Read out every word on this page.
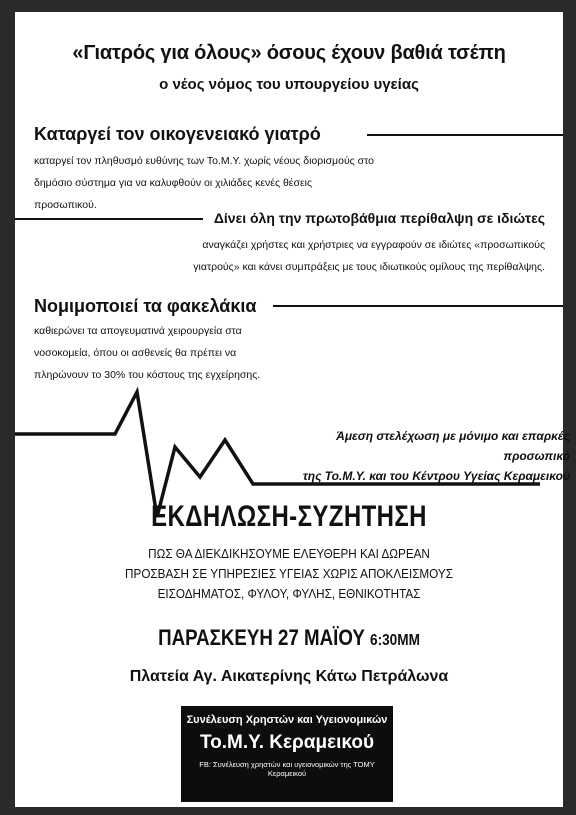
«Γιατρός για όλους» όσους έχουν βαθιά τσέπη
ο νέος νόμος του υπουργείου υγείας
Καταργεί τον οικογενειακό γιατρό
καταργεί τον πληθυσμό ευθύνης των Το.Μ.Υ. χωρίς νέους διορισμούς στο
δημόσιο σύστημα για να καλυφθούν οι χιλιάδες κενές θέσεις προσωπικού.
Δίνει όλη την πρωτοβάθμια περίθαλψη σε ιδιώτες
αναγκάζει χρήστες και χρήστριες να εγγραφούν σε ιδιώτες «προσωπικούς
γιατρούς» και κάνει συμπράξεις με τους ιδιωτικούς ομίλους της περίθαλψης.
Νομιμοποιεί τα φακελάκια
καθιερώνει τα απογευματινά χειρουργεία στα
νοσοκομεία, όπου οι ασθενείς θα πρέπει να
πληρώνουν το 30% του κόστους της εγχείρησης.
Άμεση στελέχωση με μόνιμο και επαρκές προσωπικό
της Το.Μ.Υ. και του Κέντρου Υγείας Κεραμεικού
ΕΚΔΗΛΩΣΗ-ΣΥΖΗΤΗΣΗ
ΠΩΣ ΘΑ ΔΙΕΚΔΙΚΗΣΟΥΜΕ ΕΛΕΥΘΕΡΗ ΚΑΙ ΔΩΡΕΑΝ
ΠΡΟΣΒΑΣΗ ΣΕ ΥΠΗΡΕΣΙΕΣ ΥΓΕΙΑΣ ΧΩΡΙΣ ΑΠΟΚΛΕΙΣΜΟΥΣ
ΕΙΣΟΔΗΜΑΤΟΣ, ΦΥΛΟΥ, ΦΥΛΗΣ, ΕΘΝΙΚΟΤΗΤΑΣ
ΠΑΡΑΣΚΕΥΗ 27 ΜΑΪΟΥ 6:30ΜΜ
Πλατεία Αγ. Αικατερίνης Κάτω Πετράλωνα
Συνέλευση Χρηστών και Υγειονομικών
Το.Μ.Υ. Κεραμεικού
FB: Συνέλευση χρηστών και υγειονομικών της ΤΟΜΥ Κεραμεικού
